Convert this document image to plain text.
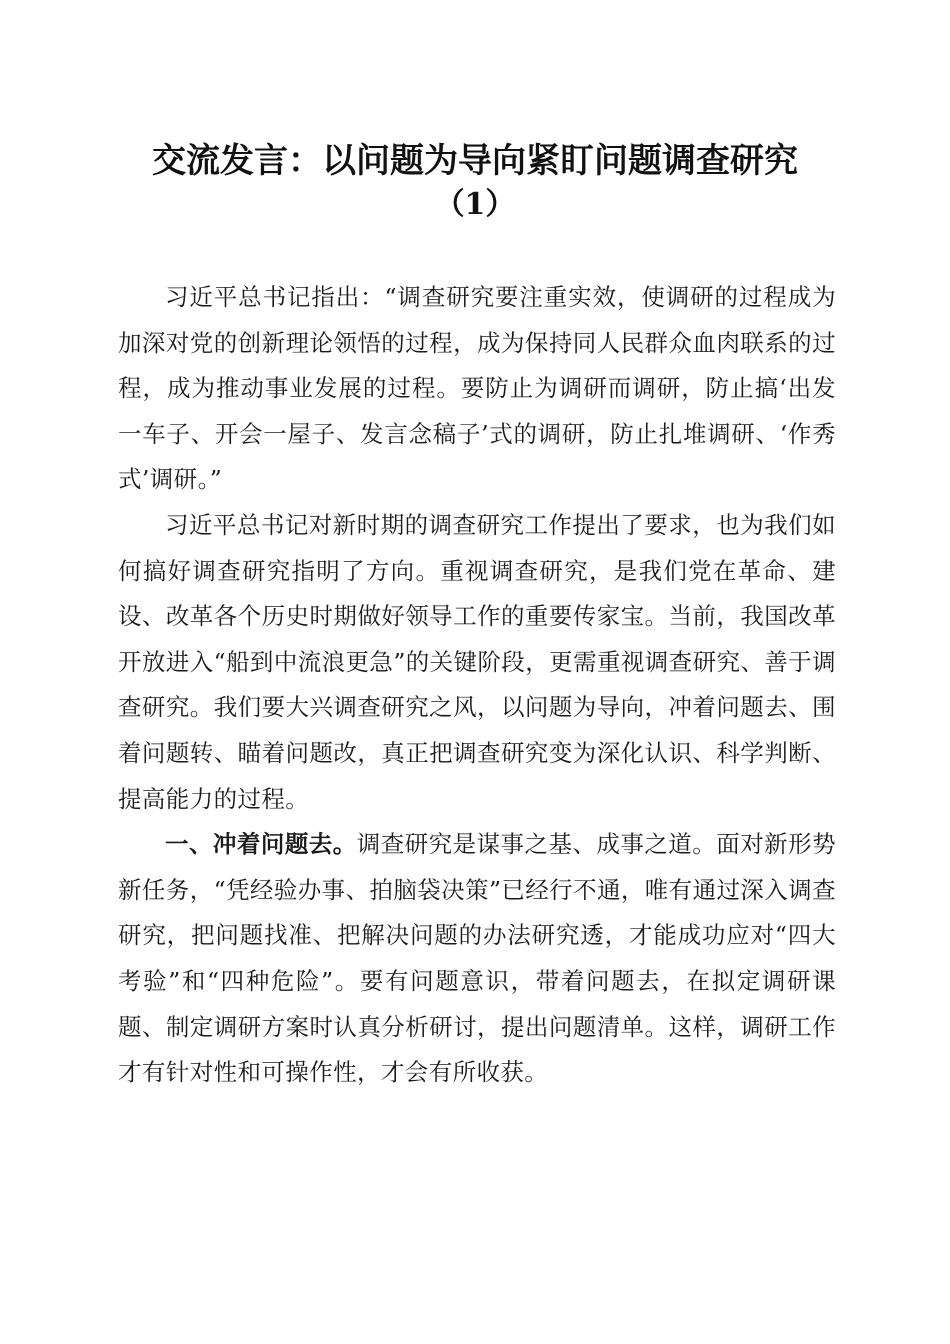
交流发言：以问题为导向紧盯问题调查研究
（1）

习近平总书记指出：“调查研究要注重实效，使调研的过程成为加深对党的创新理论领悟的过程，成为保持同人民群众血肉联系的过程，成为推动事业发展的过程。要防止为调研而调研，防止搞‘出发一车子、开会一屋子、发言念稿子’式的调研，防止扎堆调研、‘作秀式’调研。”

习近平总书记对新时期的调查研究工作提出了要求，也为我们如何搞好调查研究指明了方向。重视调查研究，是我们党在革命、建设、改革各个历史时期做好领导工作的重要传家宝。当前，我国改革开放进入“船到中流浪更急”的关键阶段，更需重视调查研究、善于调查研究。我们要大兴调查研究之风，以问题为导向，冲着问题去、围着问题转、瞄着问题改，真正把调查研究变为深化认识、科学判断、提高能力的过程。

一、冲着问题去。调查研究是谋事之基、成事之道。面对新形势新任务，“凭经验办事、拍脑袋决策”已经行不通，唯有通过深入调查研究，把问题找准、把解决问题的办法研究透，才能成功应对“四大考验”和“四种危险”。要有问题意识，带着问题去，在拟定调研课题、制定调研方案时认真分析研讨，提出问题清单。这样，调研工作才有针对性和可操作性，才会有所收获。
